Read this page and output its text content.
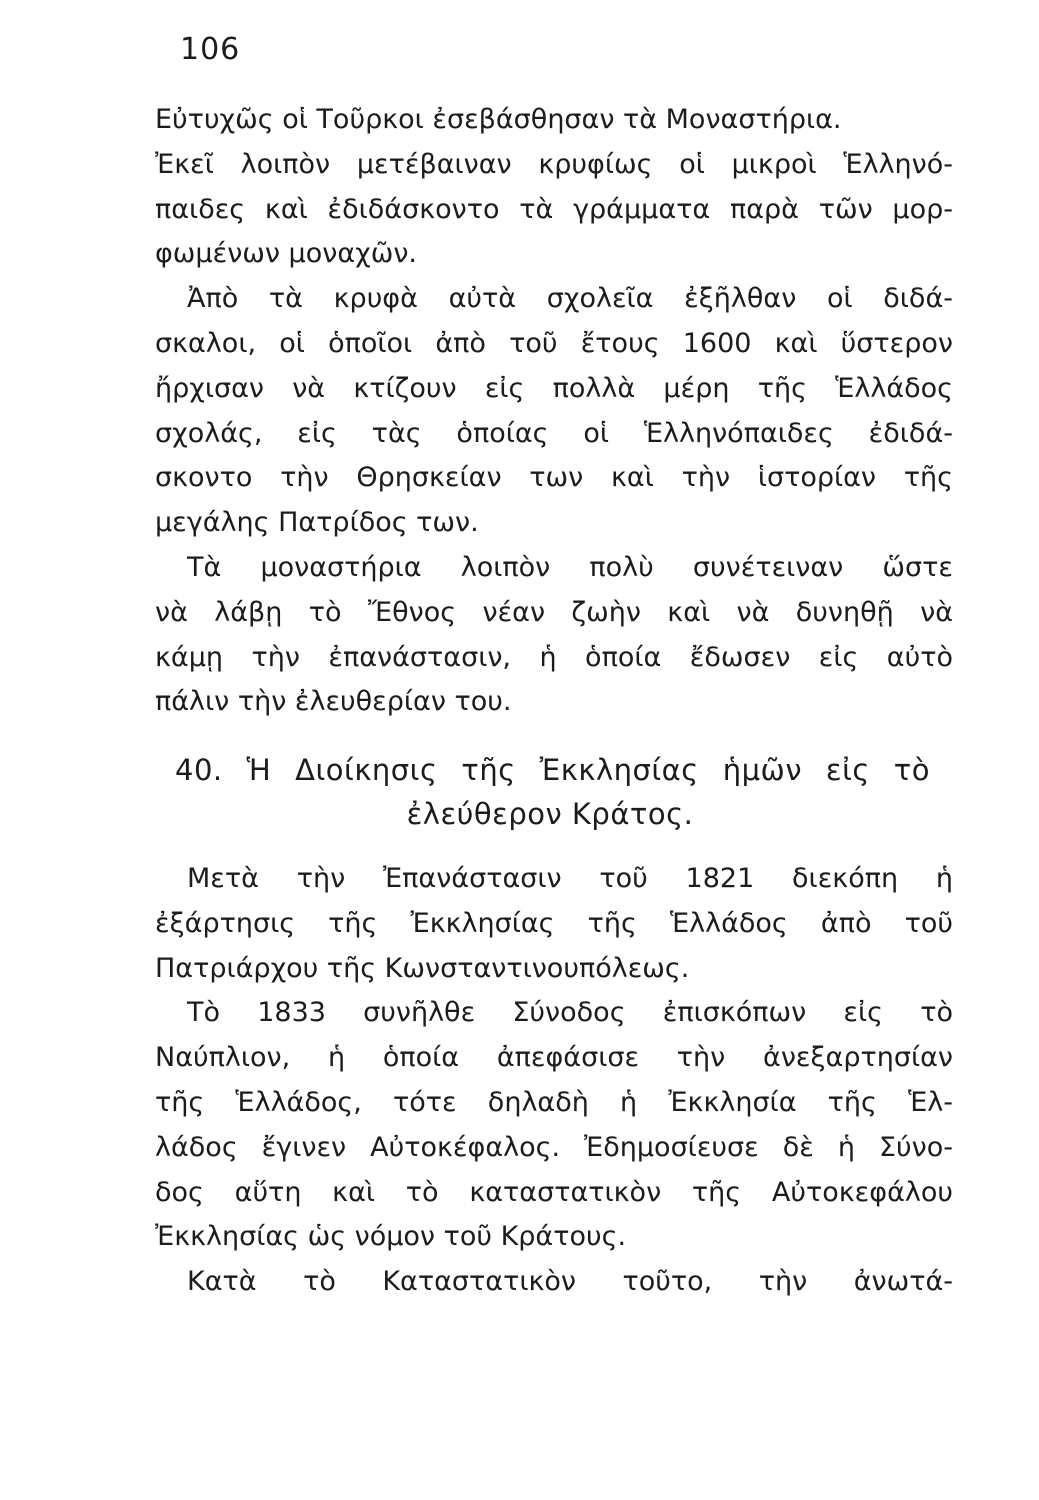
106
Εὐτυχῶς οἱ Τοῦρκοι ἐσεβάσθησαν τὰ Μοναστήρια.
Ἐκεῖ λοιπὸν μετέβαιναν κρυφίως οἱ μικροὶ Ἑλληνό-
παιδες καὶ ἐδιδάσκοντο τὰ γράμματα παρὰ τῶν μορ-
φωμένων μοναχῶν.
Ἀπὸ τὰ κρυφὰ αὐτὰ σχολεῖα ἐξῆλθαν οἱ διδά-
σκαλοι, οἱ ὁποῖοι ἀπὸ τοῦ ἔτους 1600 καὶ ὕστερον
ἤρχισαν νὰ κτίζουν εἰς πολλὰ μέρη τῆς Ἑλλάδος
σχολάς, εἰς τὰς ὁποίας οἱ Ἑλληνόπαιδες ἐδιδά-
σκοντο τὴν Θρησκείαν των καὶ τὴν ἱστορίαν τῆς
μεγάλης Πατρίδος των.
Τὰ μοναστήρια λοιπὸν πολὺ συνέτειναν ὥστε
νὰ λάβῃ τὸ Ἔθνος νέαν ζωὴν καὶ νὰ δυνηθῇ νὰ
κάμῃ τὴν ἐπανάστασιν, ἡ ὁποία ἔδωσεν εἰς αὐτὸ
πάλιν τὴν ἐλευθερίαν του.
40. Ἡ Διοίκησις τῆς Ἐκκλησίας ἡμῶν εἰς τὸ
ἐλεύθερον Κράτος.
Μετὰ τὴν Ἐπανάστασιν τοῦ 1821 διεκόπη ἡ
ἐξάρτησις τῆς Ἐκκλησίας τῆς Ἑλλάδος ἀπὸ τοῦ
Πατριάρχου τῆς Κωνσταντινουπόλεως.
Τὸ 1833 συνῆλθε Σύνοδος ἐπισκόπων εἰς τὸ
Ναύπλιον, ἡ ὁποία ἀπεφάσισε τὴν ἀνεξαρτησίαν
τῆς Ἑλλάδος, τότε δηλαδὴ ἡ Ἐκκλησία τῆς Ἑλ-
λάδος ἔγινεν Αὐτοκέφαλος. Ἐδημοσίευσε δὲ ἡ Σύνο-
δος αὕτη καὶ τὸ καταστατικὸν τῆς Αὐτοκεφάλου
Ἐκκλησίας ὡς νόμον τοῦ Κράτους.
Κατὰ τὸ Καταστατικὸν τοῦτο, τὴν ἀνωτά-
